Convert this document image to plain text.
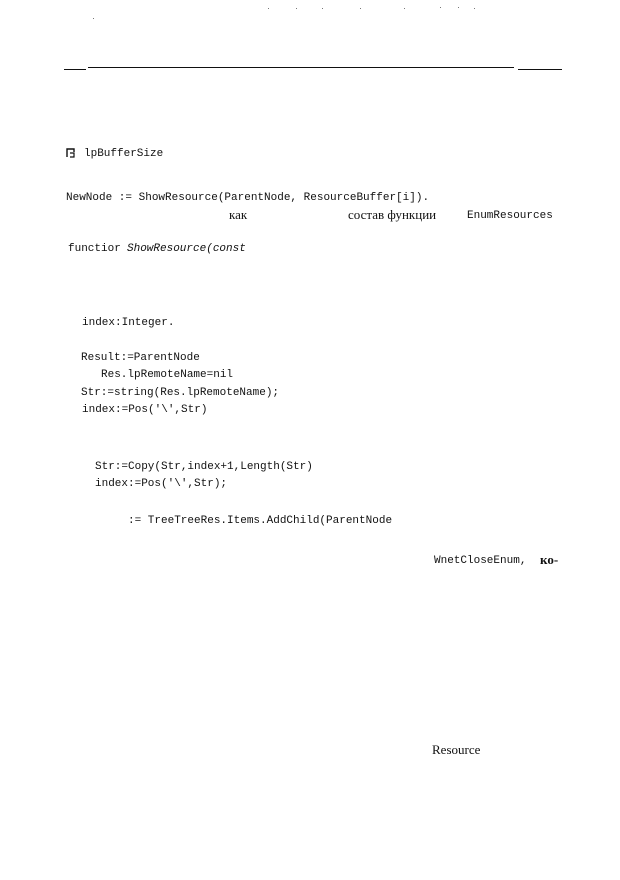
lpBufferSize
NewNode := ShowResource(ParentNode, ResourceBuffer[i]).
как	состав функции	EnumResources
functior ShowResource(const
index:Integer.
Result:=ParentNode
Res.lpRemoteName=nil
Str:=string(Res.lpRemoteName);
index:=Pos('\',Str)
Str:=Copy(Str,index+1,Length(Str)
index:=Pos('\',Str);
:= TreeTreeRes.Items.AddChild(ParentNode
WnetCloseEnum, ко-
Resource
